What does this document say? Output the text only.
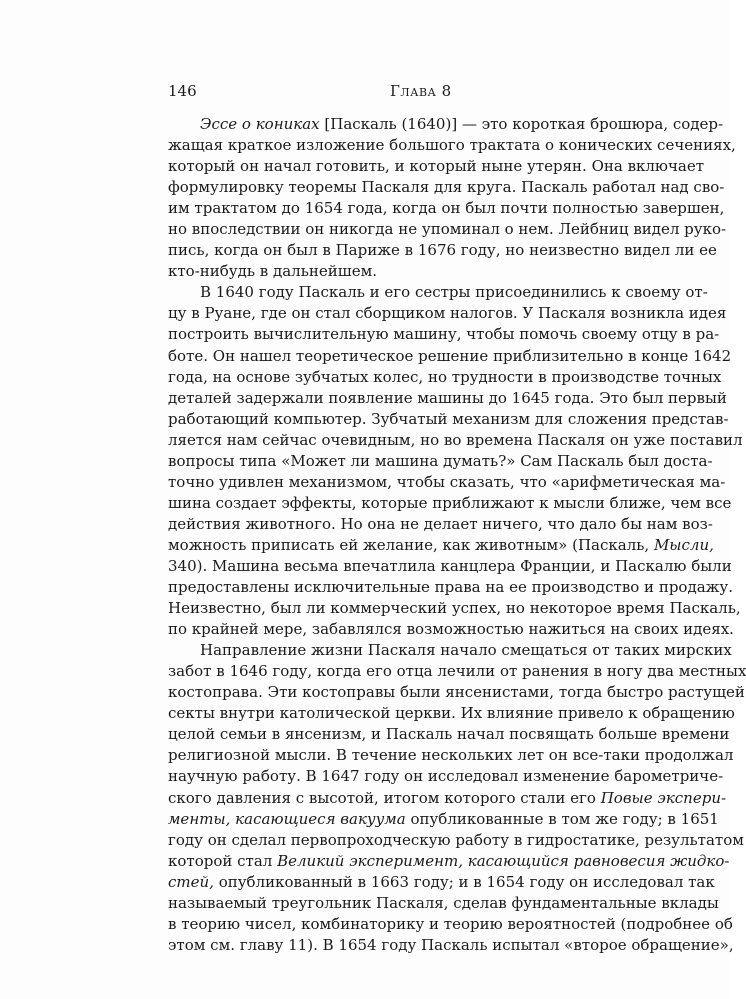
146	Глава 8
Эссе о кониках [Паскаль (1640)] — это короткая брошюра, содер-
жащая краткое изложение большого трактата о конических сечениях,
который он начал готовить, и который ныне утерян. Она включает
формулировку теоремы Паскаля для круга. Паскаль работал над сво-
им трактатом до 1654 года, когда он был почти полностью завершен,
но впоследствии он никогда не упоминал о нем. Лейбниц видел руко-
пись, когда он был в Париже в 1676 году, но неизвестно видел ли ее
кто-нибудь в дальнейшем.
В 1640 году Паскаль и его сестры присоединились к своему от-
цу в Руане, где он стал сборщиком налогов. У Паскаля возникла идея
построить вычислительную машину, чтобы помочь своему отцу в ра-
боте. Он нашел теоретическое решение приблизительно в конце 1642
года, на основе зубчатых колес, но трудности в производстве точных
деталей задержали появление машины до 1645 года. Это был первый
работающий компьютер. Зубчатый механизм для сложения представ-
ляется нам сейчас очевидным, но во времена Паскаля он уже поставил
вопросы типа «Может ли машина думать?» Сам Паскаль был доста-
точно удивлен механизмом, чтобы сказать, что «арифметическая ма-
шина создает эффекты, которые приближают к мысли ближе, чем все
действия животного. Но она не делает ничего, что дало бы нам воз-
можность приписать ей желание, как животным» (Паскаль, Мысли,
340). Машина весьма впечатлила канцлера Франции, и Паскалю были
предоставлены исключительные права на ее производство и продажу.
Неизвестно, был ли коммерческий успех, но некоторое время Паскаль,
по крайней мере, забавлялся возможностью нажиться на своих идеях.
Направление жизни Паскаля начало смещаться от таких мирских
забот в 1646 году, когда его отца лечили от ранения в ногу два местных
костоправа. Эти костоправы были янсенистами, тогда быстро растущей
секты внутри католической церкви. Их влияние привело к обращению
целой семьи в янсенизм, и Паскаль начал посвящать больше времени
религиозной мысли. В течение нескольких лет он все-таки продолжал
научную работу. В 1647 году он исследовал изменение барометриче-
ского давления с высотой, итогом которого стали его Повые экспери-
менты, касающиеся вакуума опубликованные в том же году; в 1651
году он сделал первопроходческую работу в гидростатике, результатом
которой стал Великий эксперимент, касающийся равновесия жидко-
стей, опубликованный в 1663 году; и в 1654 году он исследовал так
называемый треугольник Паскаля, сделав фундаментальные вклады
в теорию чисел, комбинаторику и теорию вероятностей (подробнее об
этом см. главу 11). В 1654 году Паскаль испытал «второе обращение»,
